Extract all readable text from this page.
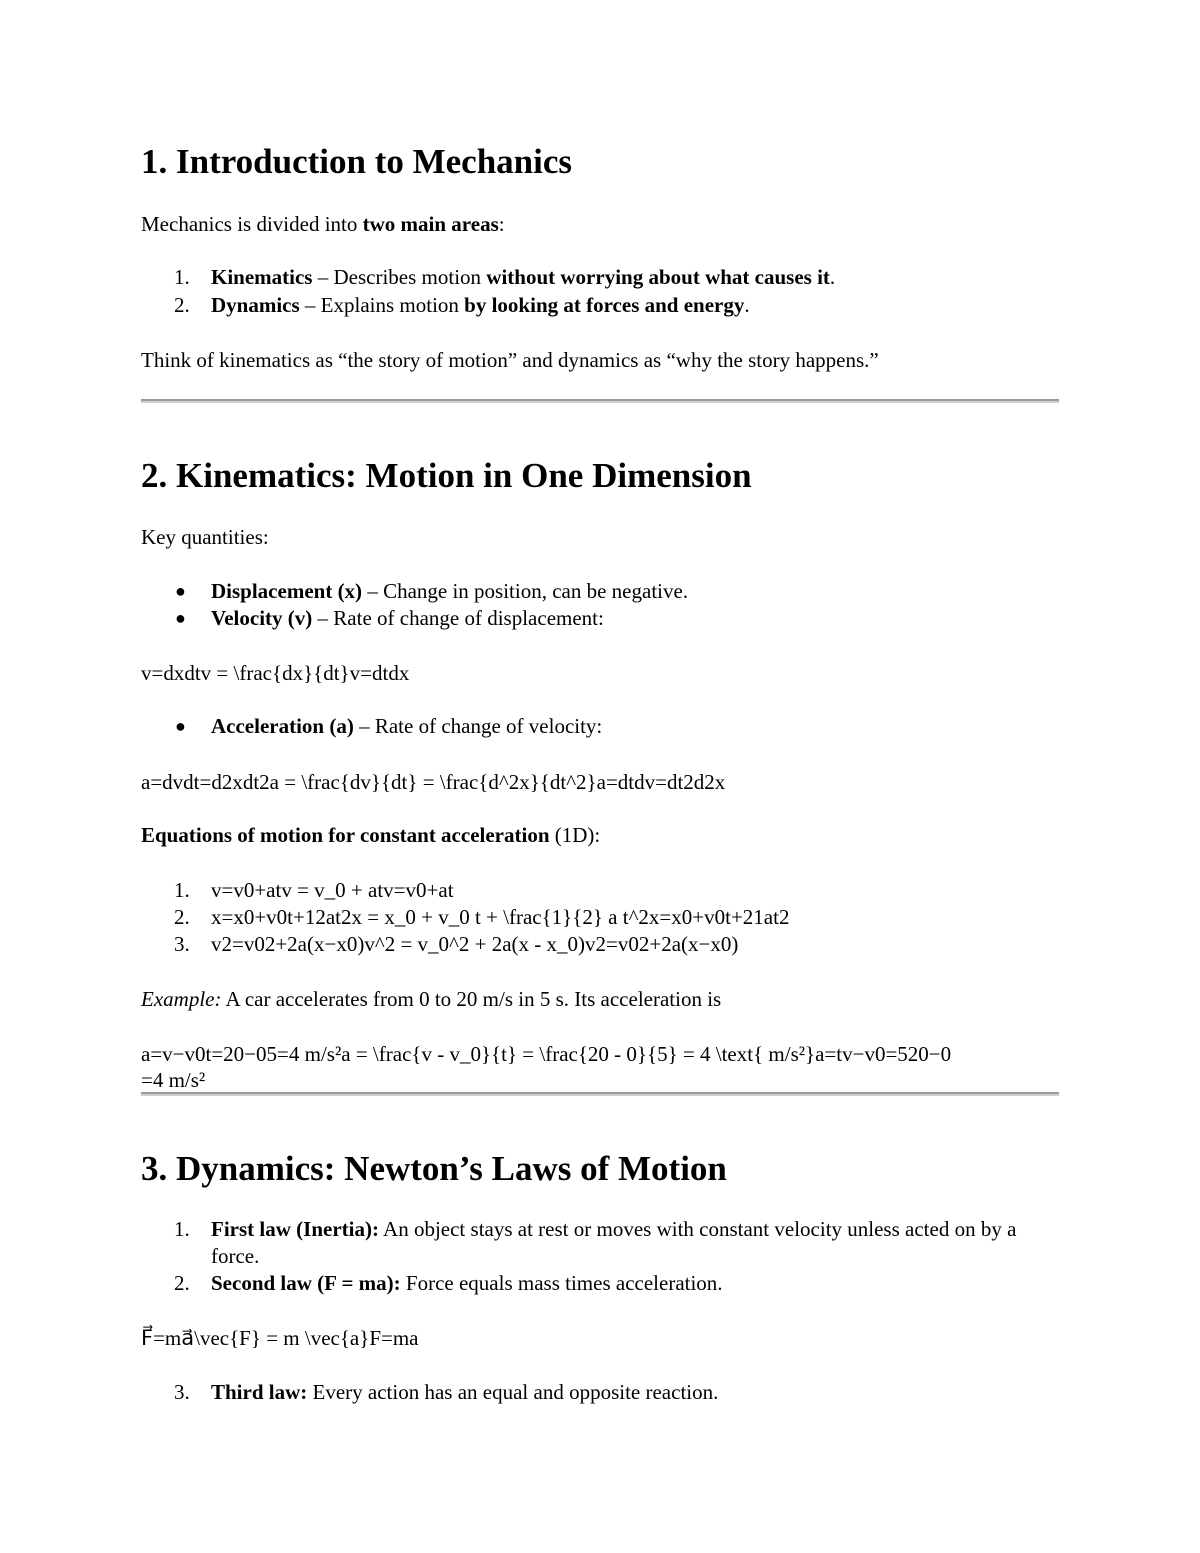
1. Introduction to Mechanics

Mechanics is divided into two main areas:

1. Kinematics – Describes motion without worrying about what causes it.
2. Dynamics – Explains motion by looking at forces and energy.

Think of kinematics as “the story of motion” and dynamics as “why the story happens.”

2. Kinematics: Motion in One Dimension

Key quantities:

● Displacement (x) – Change in position, can be negative.
● Velocity (v) – Rate of change of displacement:

v=dxdtv = \frac{dx}{dt}v=dtdx

● Acceleration (a) – Rate of change of velocity:

a=dvdt=d2xdt2a = \frac{dv}{dt} = \frac{d^2x}{dt^2}a=dtdv=dt2d2x

Equations of motion for constant acceleration (1D):

1. v=v0+atv = v_0 + atv=v0+at
2. x=x0+v0t+12at2x = x_0 + v_0 t + \frac{1}{2} a t^2x=x0+v0t+21at2
3. v2=v02+2a(x−x0)v^2 = v_0^2 + 2a(x - x_0)v2=v02+2a(x−x0)

Example: A car accelerates from 0 to 20 m/s in 5 s. Its acceleration is

a=v−v0t=20−05=4 m/s²a = \frac{v - v_0}{t} = \frac{20 - 0}{5} = 4 \text{ m/s²}a=tv−v0=520−0

=4 m/s²

3. Dynamics: Newton’s Laws of Motion
1. First law (Inertia): An object stays at rest or moves with constant velocity unless acted on by a force.
2. Second law (F = ma): Force equals mass times acceleration.

F⃗=ma⃗\vec{F} = m \vec{a}F=ma

3. Third law: Every action has an equal and opposite reaction.
